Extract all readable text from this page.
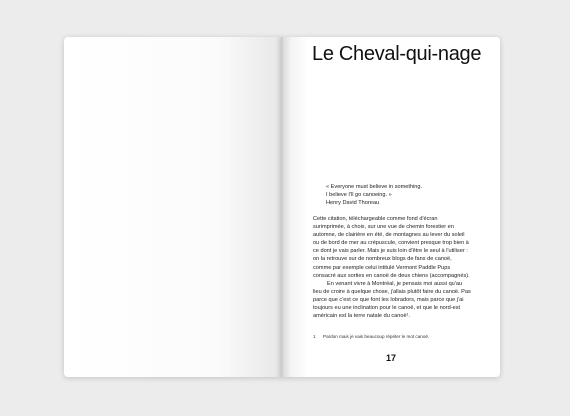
Le Cheval-qui-nage
« Everyone must believe in something.
I believe I'll go canoeing. »
Henry David Thoreau

Cette citation, téléchargeable comme fond d'écran surimprimée, à choix, sur une vue de chemin forestier en automne, de clairière en été, de montagnes au lever du soleil ou de bord de mer au crépuscule, convient presque trop bien à ce dont je vais parler. Mais je suis loin d'être le seul à l'utiliser : on la retrouve sur de nombreux blogs de fans de canoë, comme par exemple celui intitulé Vermont Paddle Pups consacré aux sorties en canoë de deux chiens (accompagnés).

En venant vivre à Montréal, je pensais moi aussi qu'au lieu de croire à quelque chose, j'allais plutôt faire du canoë. Pas parce que c'est ce que font les Iobradors, mais parce que j'ai toujours eu une inclination pour le canoë, et que le nord-est américain est la terre natale du canoë¹.

1 Pardon mais je vais beaucoup répéter le mot canoë.
17
